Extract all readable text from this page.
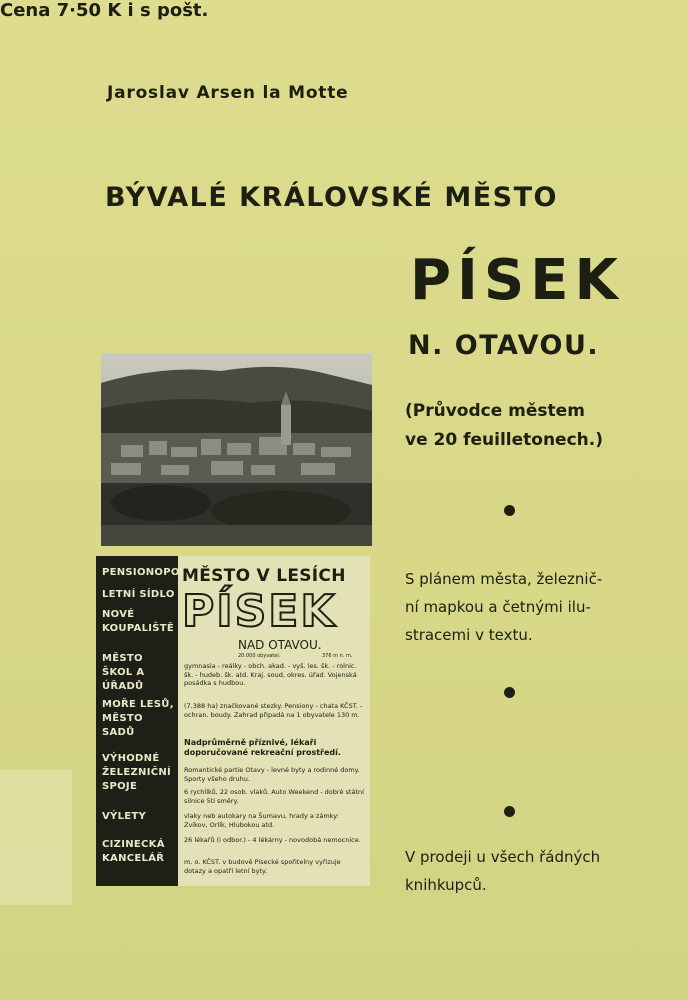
Jaroslav Arsen la Motte
BÝVALÉ KRÁLOVSKÉ MĚSTO
PÍSEK
N. OTAVOU.
(Průvodce městem
ve 20 feuilletonech.)
S plánem města, železnič-
ní mapkou a četnými ilu-
stracemi v textu.
Cena 7·50 K i s pošt.
V prodeji u všech řádných
knihkupců.
PENSIONOPOLIS
LETNÍ SÍDLO
NOVÉ KOUPALIŠTĚ
MĚSTO ŠKOL A ÚŘADŮ
MOŘE LESŮ, MĚSTO SADŮ
VÝHODNÉ ŽELEZNIČNÍ SPOJE
VÝLETY
CIZINECKÁ KANCELÁŘ
MĚSTO V LESÍCH
PÍSEK
NAD OTAVOU.
20.000 obyvatel.	376 m n. m.
gymnasia - reálky - obch. akad. - vyš. les. šk. - rolnic. šk. - hudeb. šk. atd. Kraj. soud, okres. úřad. Vojenská posádka s hudbou.
(7.388 ha) značkované stezky. Pensiony - chata KČST. - ochran. boudy. Zahrad připadá na 1 obyvatele 130 m.
Nadprůměrně příznivé, lékaři doporučované rekreační prostředí.
Romantické partie Otavy - levné byty a rodinné domy. Sporty všeho druhu.
6 rychlíků, 22 osob. vlaků. Auto Weekend - dobré státní silnice 5ti směry.
vlaky neb autokary na Šumavu, hrady a zámky: Zvíkov, Orlík, Hlubokou atd.
26 lékařů (i odbor.) - 4 lékárny - novodobá nemocnice.
m. o. KČST. v budově Písecké spořitelny vyřizuje dotazy a opatří letní byty.
